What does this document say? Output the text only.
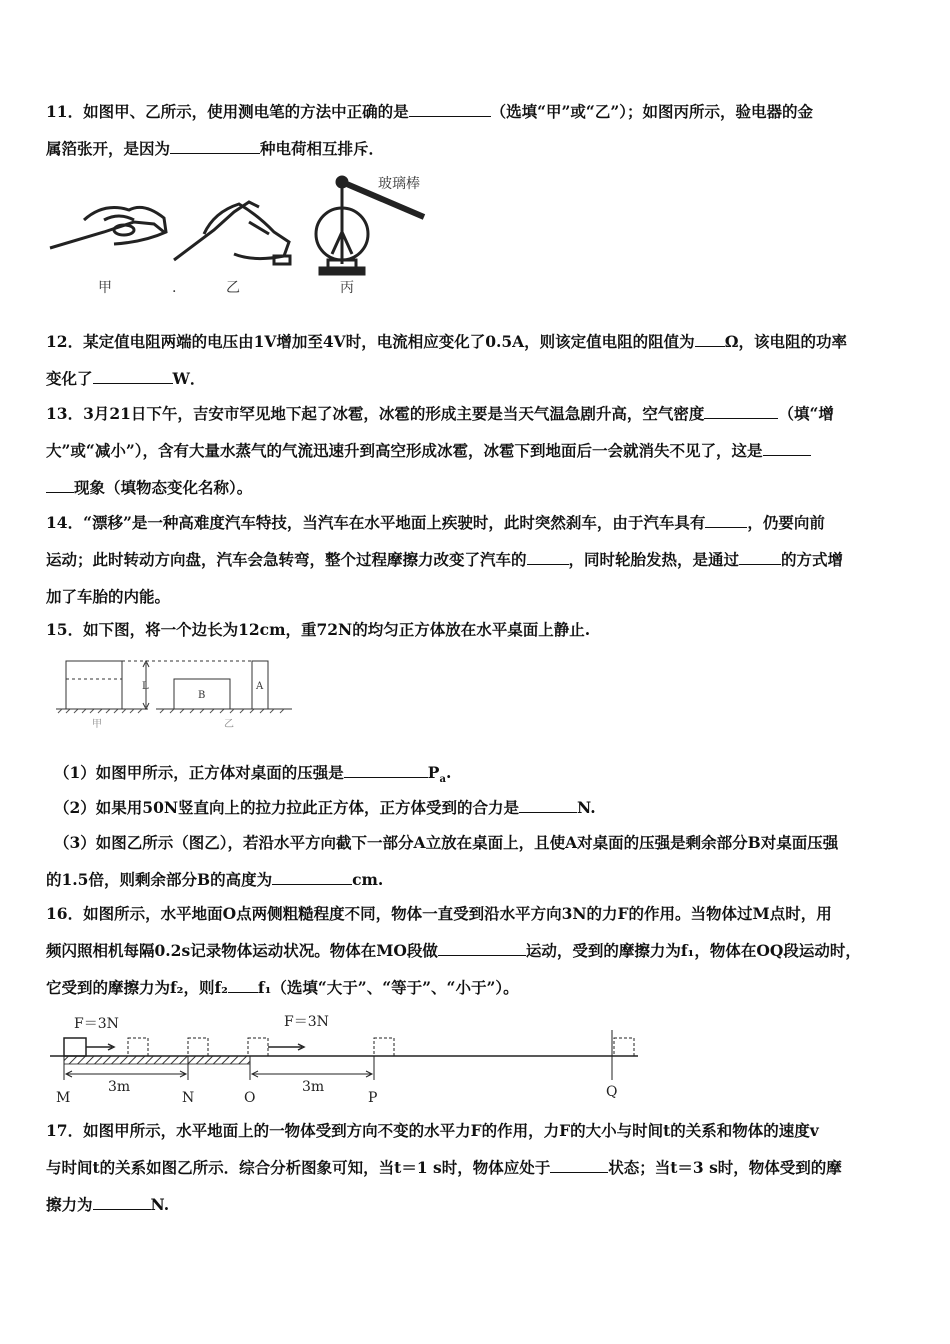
11．如图甲、乙所示，使用测电笔的方法中正确的是	（选填“甲”或“乙”）；如图丙所示，验电器的金
属箔张开，是因为	种电荷相互排斥．
玻璃棒
甲	.	乙	丙
12．某定值电阻两端的电压由1V增加至4V时，电流相应变化了0.5A，则该定值电阻的阻值为 Ω，该电阻的功率
变化了	W．
13．3月21日下午，吉安市罕见地下起了冰雹，冰雹的形成主要是当天气温急剧升高，空气密度	（填“增
大”或“减小”），含有大量水蒸气的气流迅速升到高空形成冰雹，冰雹下到地面后一会就消失不见了，这是
现象（填物态变化名称）。
14．“漂移”是一种高难度汽车特技，当汽车在水平地面上疾驶时，此时突然刹车，由于汽车具有	，仍要向前
运动；此时转动方向盘，汽车会急转弯，整个过程摩擦力改变了汽车的	，同时轮胎发热，是通过	的方式增
加了车胎的内能。
15．如下图，将一个边长为12cm，重72N的均匀正方体放在水平桌面上静止.
L
B
A
甲	乙
（1）如图甲所示，正方体对桌面的压强是	$P_a$.
（2）如果用50N竖直向上的拉力拉此正方体，正方体受到的合力是	N.
（3）如图乙所示（图乙），若沿水平方向截下一部分A立放在桌面上，且使A对桌面的压强是剩余部分B对桌面压强
的1.5倍，则剩余部分B的高度为	cm.
16．如图所示，水平地面O点两侧粗糙程度不同，物体一直受到沿水平方向3N的力F的作用。当物体过M点时，用
频闪照相机每隔0.2s记录物体运动状况。物体在MO段做	运动，受到的摩擦力为f₁，物体在OQ段运动时，
它受到的摩擦力为f₂，则f₂ f₁（选填“大于”、“等于”、“小于”）。
F＝3N	F＝3N
3m	3m
M	N	O	P	Q
17．如图甲所示，水平地面上的一物体受到方向不变的水平力F的作用，力F的大小与时间t的关系和物体的速度v
与时间t的关系如图乙所示．综合分析图象可知，当t＝1 s时，物体应处于	状态；当t＝3 s时，物体受到的摩
擦力为	N.
